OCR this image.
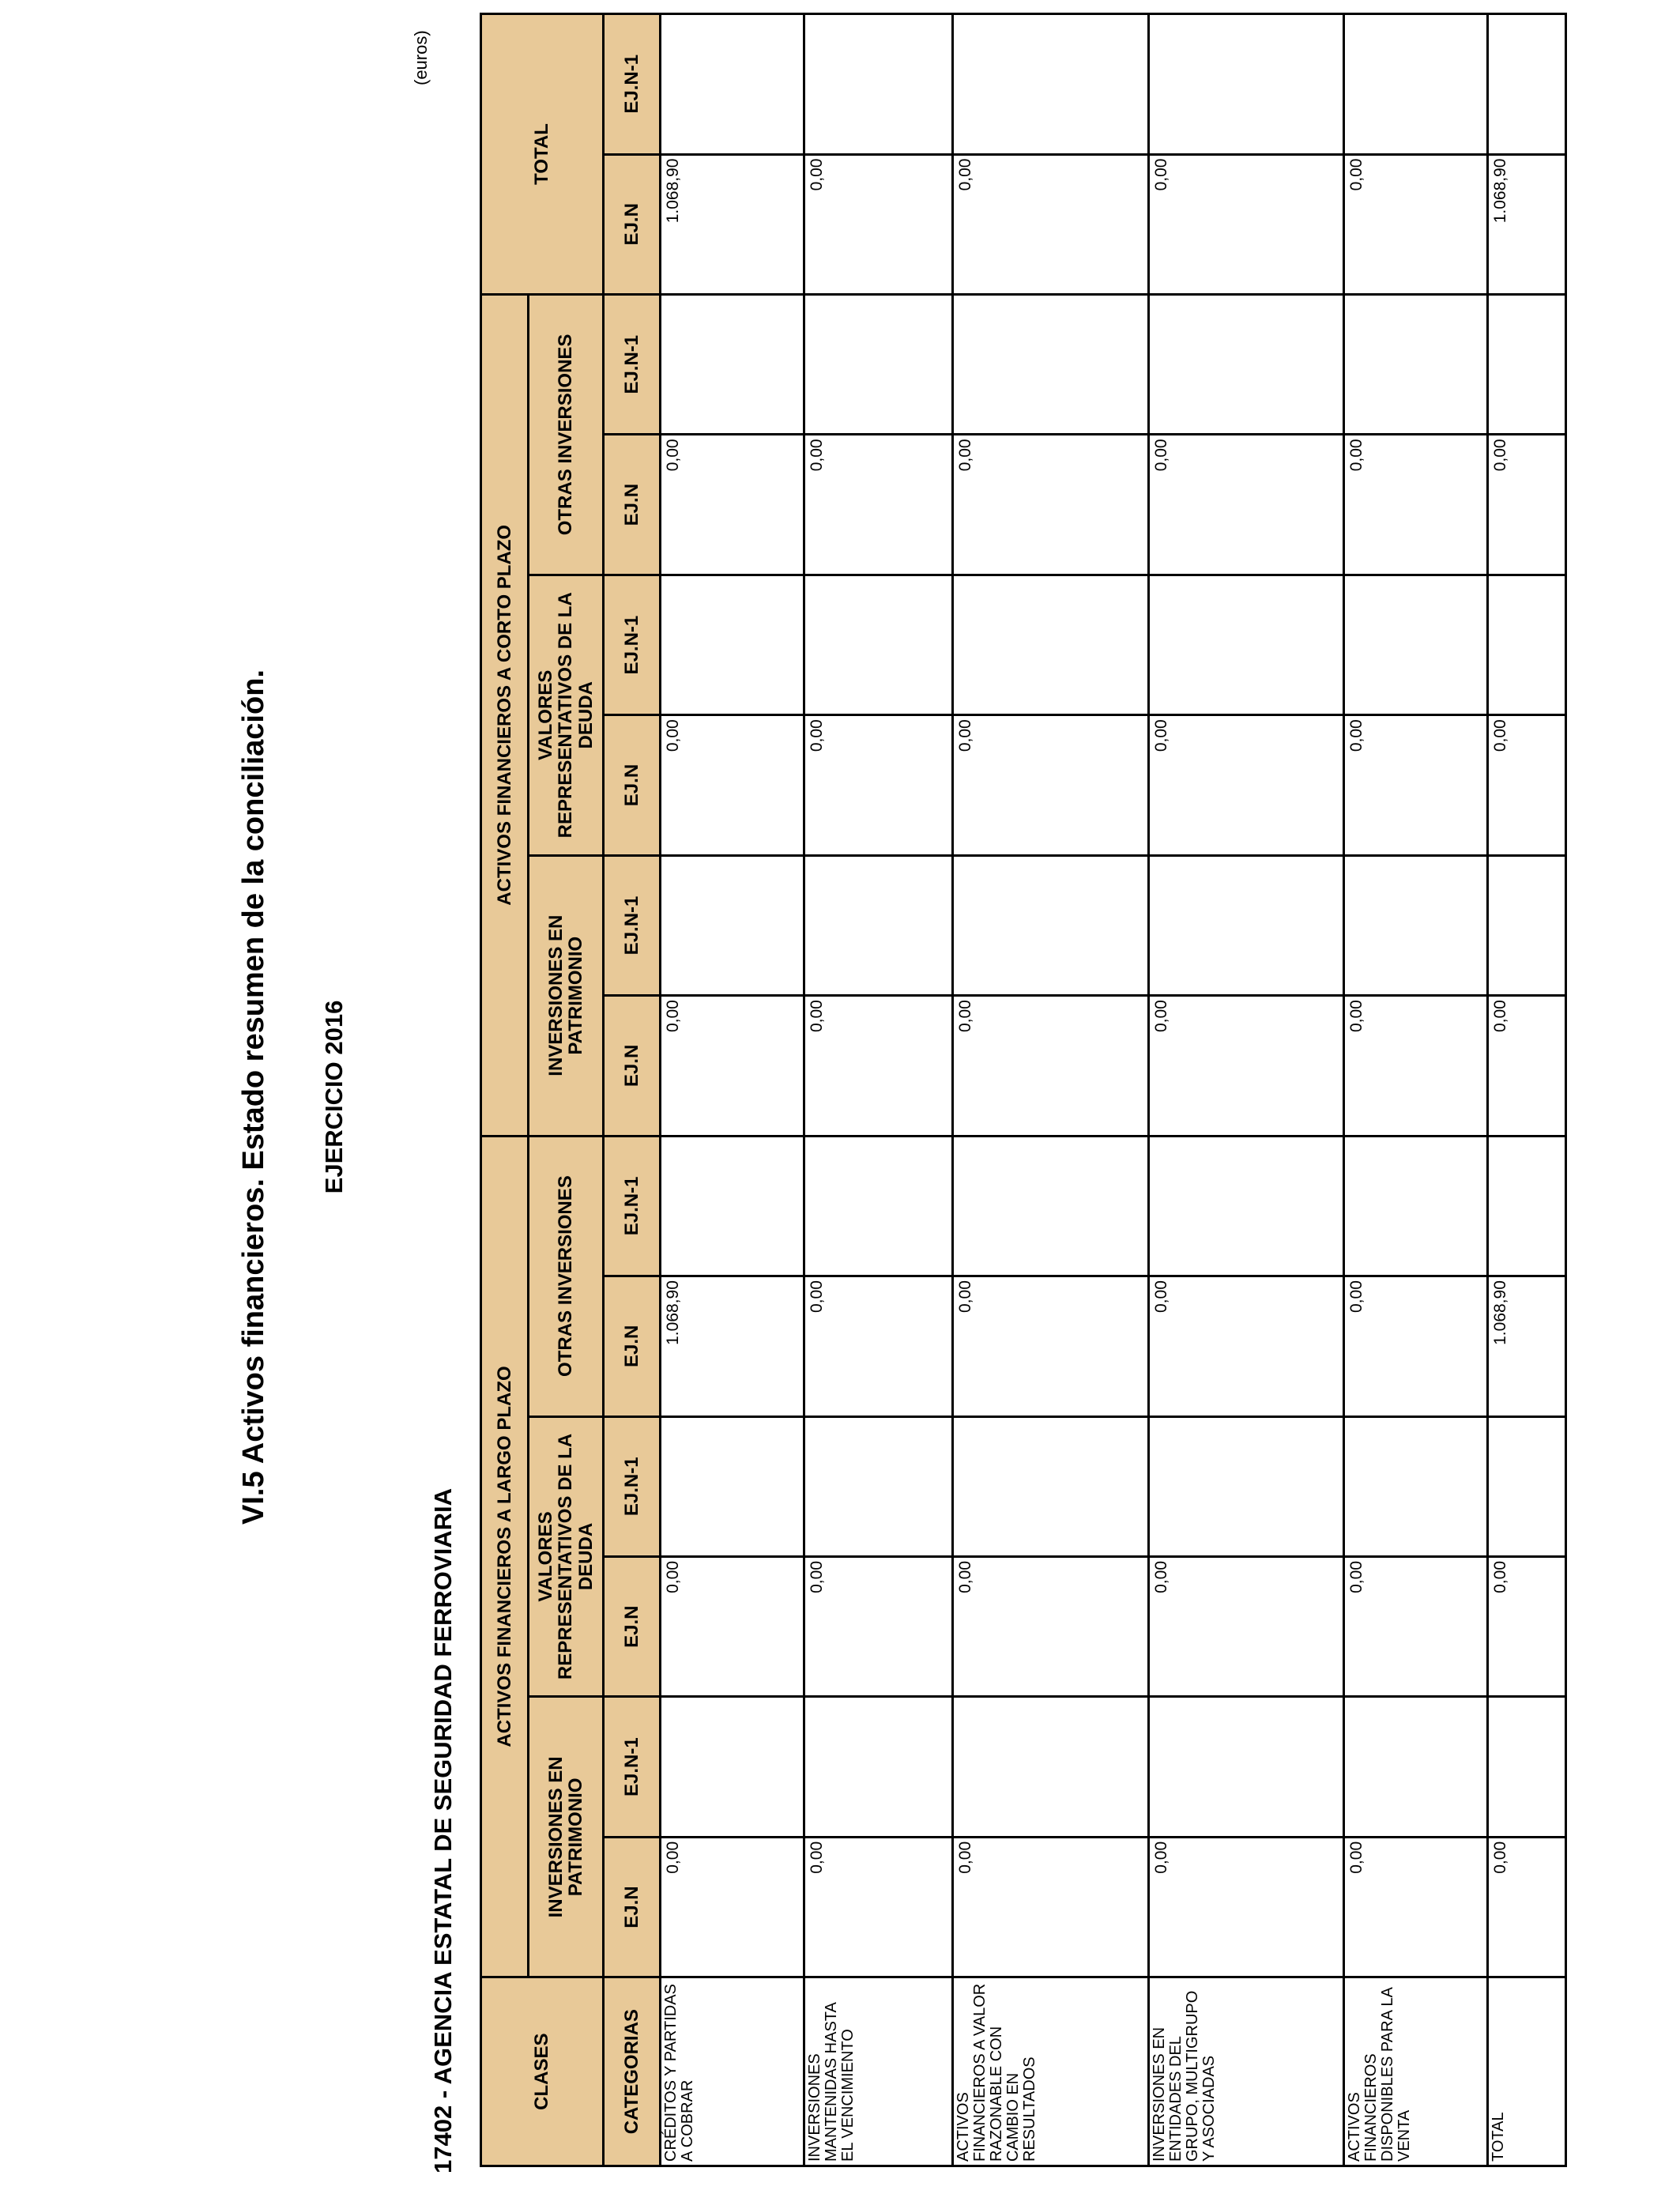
VI.5 Activos financieros. Estado resumen de la conciliación. EJERCICIO 2016
17402 - AGENCIA ESTATAL DE SEGURIDAD FERROVIARIA
(euros)
CLASES	ACTIVOS FINANCIEROS A LARGO PLAZO						ACTIVOS FINANCIEROS A CORTO PLAZO						TOTAL	
	INVERSIONES EN PATRIMONIO		VALORES REPRESENTATIVOS DE LA DEUDA		OTRAS INVERSIONES		INVERSIONES EN PATRIMONIO		VALORES REPRESENTATIVOS DE LA DEUDA		OTRAS INVERSIONES			
CATEGORIAS	EJ.N	EJ.N-1	EJ.N	EJ.N-1	EJ.N	EJ.N-1	EJ.N	EJ.N-1	EJ.N	EJ.N-1	EJ.N	EJ.N-1	EJ.N	EJ.N-1
CRÉDITOS Y PARTIDAS A COBRAR	0,00		0,00		1.068,90		0,00		0,00		0,00		1.068,90	
INVERSIONES MANTENIDAS HASTA EL VENCIMIENTO	0,00		0,00		0,00		0,00		0,00		0,00		0,00	
ACTIVOS FINANCIEROS A VALOR RAZONABLE CON CAMBIO EN RESULTADOS	0,00		0,00		0,00		0,00		0,00		0,00		0,00	
INVERSIONES EN ENTIDADES DEL GRUPO, MULTIGRUPO Y ASOCIADAS	0,00		0,00		0,00		0,00		0,00		0,00		0,00	
ACTIVOS FINANCIEROS DISPONIBLES PARA LA VENTA	0,00		0,00		0,00		0,00		0,00		0,00		0,00	
TOTAL	0,00		0,00		1.068,90		0,00		0,00		0,00		1.068,90	
